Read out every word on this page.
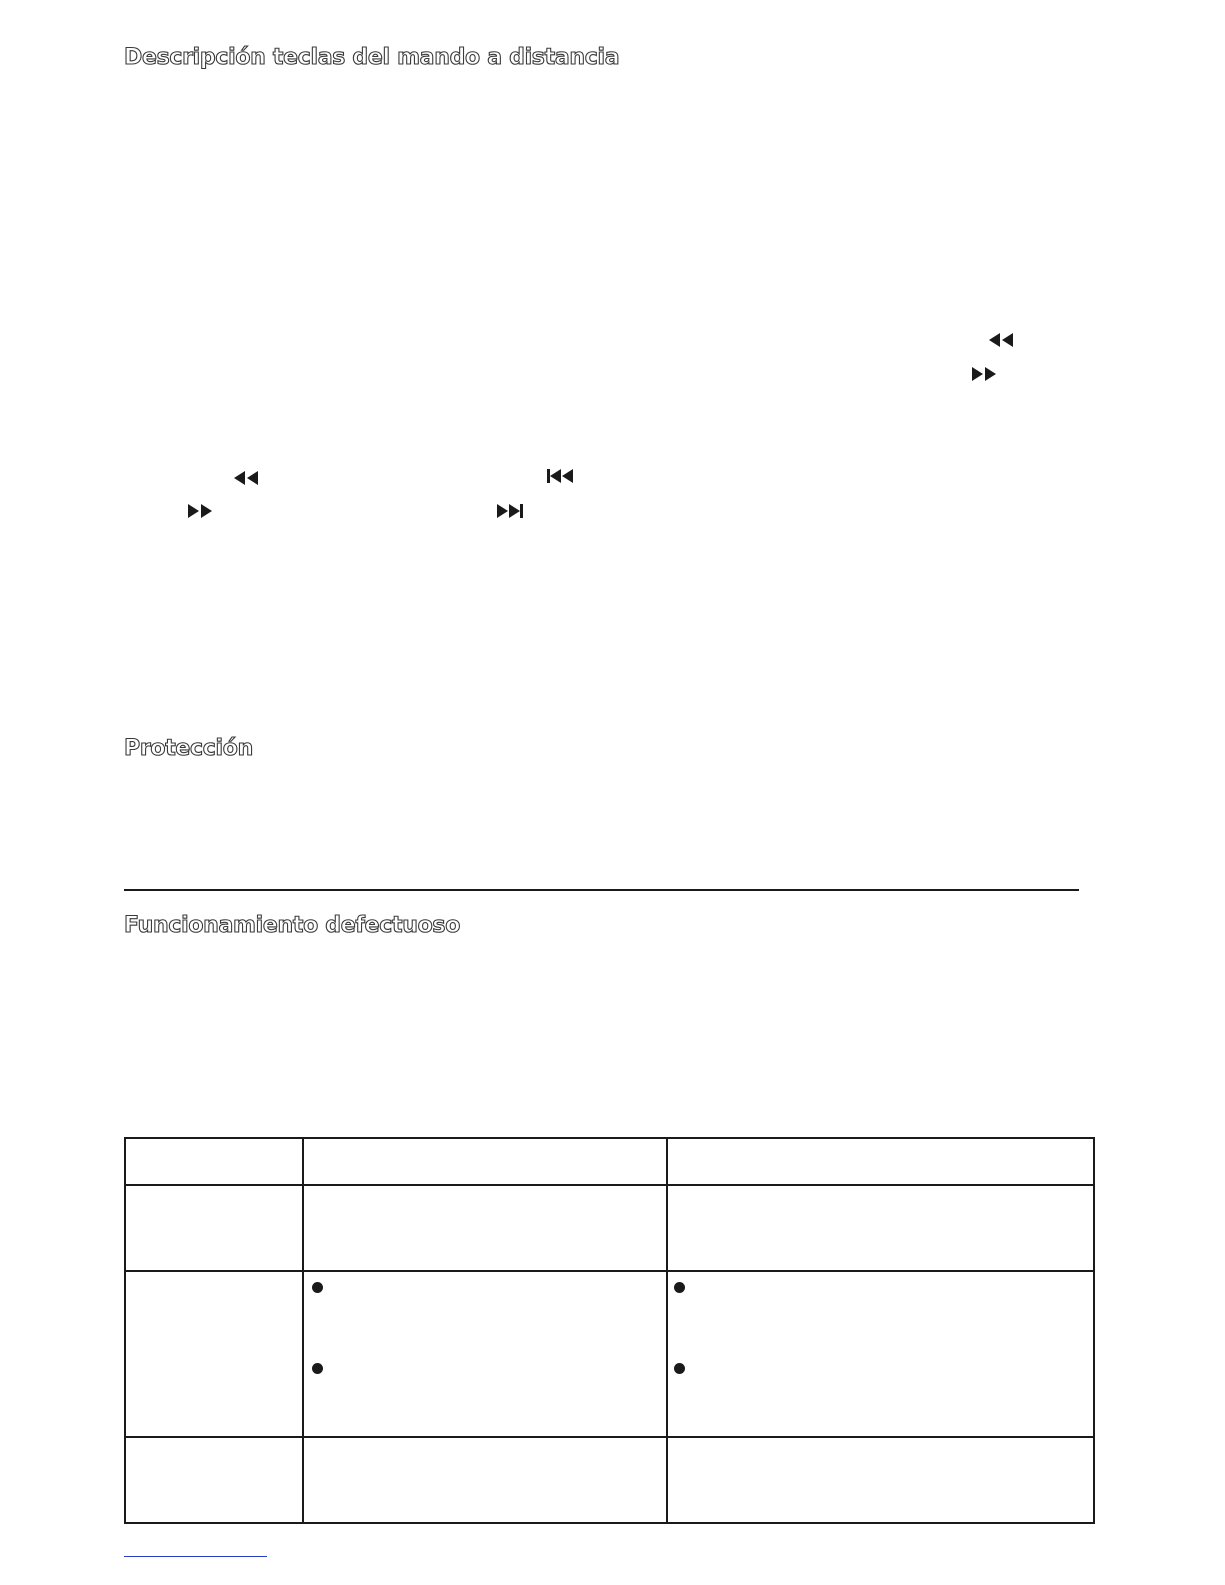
Descripción teclas del mando a distancia
Protección
Funcionamiento defectuoso
